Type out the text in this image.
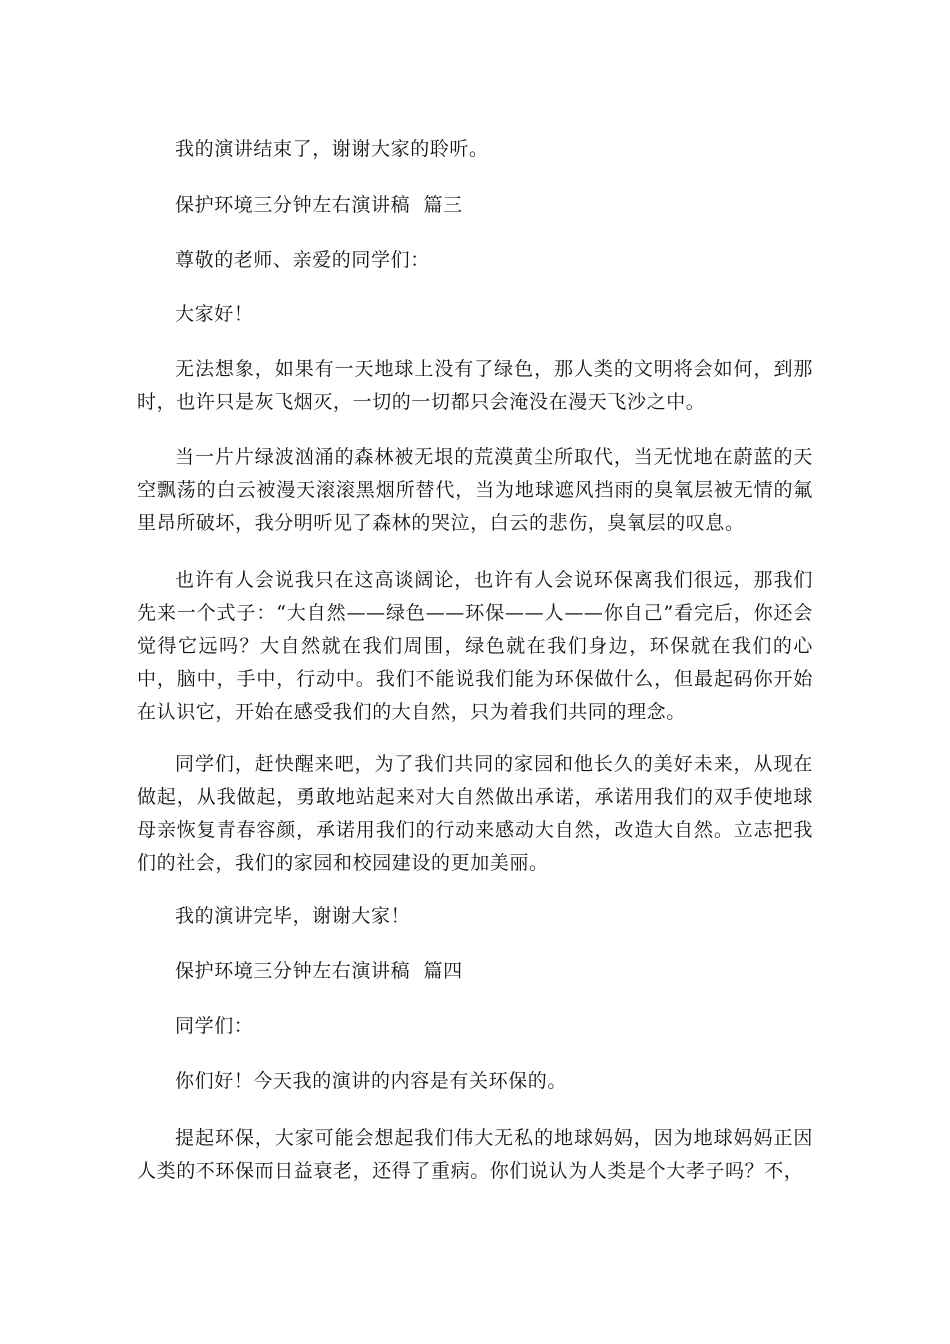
我的演讲结束了，谢谢大家的聆听。

保护环境三分钟左右演讲稿  篇三

尊敬的老师、亲爱的同学们：

大家好！

无法想象，如果有一天地球上没有了绿色，那人类的文明将会如何，到那时，也许只是灰飞烟灭，一切的一切都只会淹没在漫天飞沙之中。

当一片片绿波汹涌的森林被无垠的荒漠黄尘所取代，当无忧地在蔚蓝的天空飘荡的白云被漫天滚滚黑烟所替代，当为地球遮风挡雨的臭氧层被无情的氟里昂所破坏，我分明听见了森林的哭泣，白云的悲伤，臭氧层的叹息。

也许有人会说我只在这高谈阔论，也许有人会说环保离我们很远，那我们先来一个式子：“大自然——绿色——环保——人——你自己”看完后，你还会觉得它远吗？大自然就在我们周围，绿色就在我们身边，环保就在我们的心中，脑中，手中，行动中。我们不能说我们能为环保做什么，但最起码你开始在认识它，开始在感受我们的大自然，只为着我们共同的理念。

同学们，赶快醒来吧，为了我们共同的家园和他长久的美好未来，从现在做起，从我做起，勇敢地站起来对大自然做出承诺，承诺用我们的双手使地球母亲恢复青春容颜，承诺用我们的行动来感动大自然，改造大自然。立志把我们的社会，我们的家园和校园建设的更加美丽。

我的演讲完毕，谢谢大家！

保护环境三分钟左右演讲稿  篇四

同学们：

你们好！今天我的演讲的内容是有关环保的。

提起环保，大家可能会想起我们伟大无私的地球妈妈，因为地球妈妈正因人类的不环保而日益衰老，还得了重病。你们说认为人类是个大孝子吗？不，
